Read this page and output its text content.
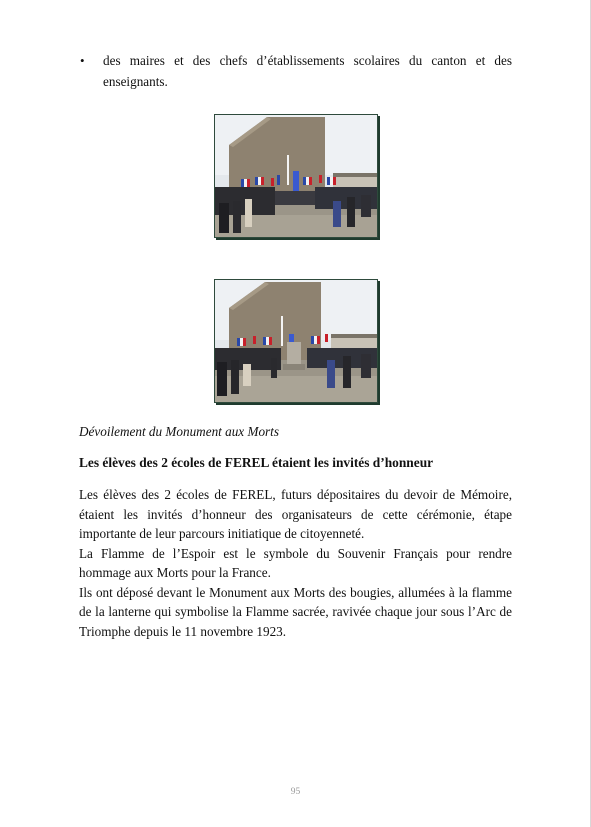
• des maires et des chefs d’établissements scolaires du canton et des enseignants.
Dévoilement du Monument aux Morts
Les élèves des 2 écoles de FEREL étaient les invités d’honneur

Les élèves des 2 écoles de FEREL, futurs dépositaires du devoir de Mémoire, étaient les invités d’honneur des organisateurs de cette cérémonie, étape importante de leur parcours initiatique de citoyenneté.

La Flamme de l’Espoir est le symbole du Souvenir Français pour rendre hommage aux Morts pour la France.

Ils ont déposé devant le Monument aux Morts des bougies, allumées à la flamme de la lanterne qui symbolise la Flamme sacrée, ravivée chaque jour sous l’Arc de Triomphe depuis le 11 novembre 1923.

95
